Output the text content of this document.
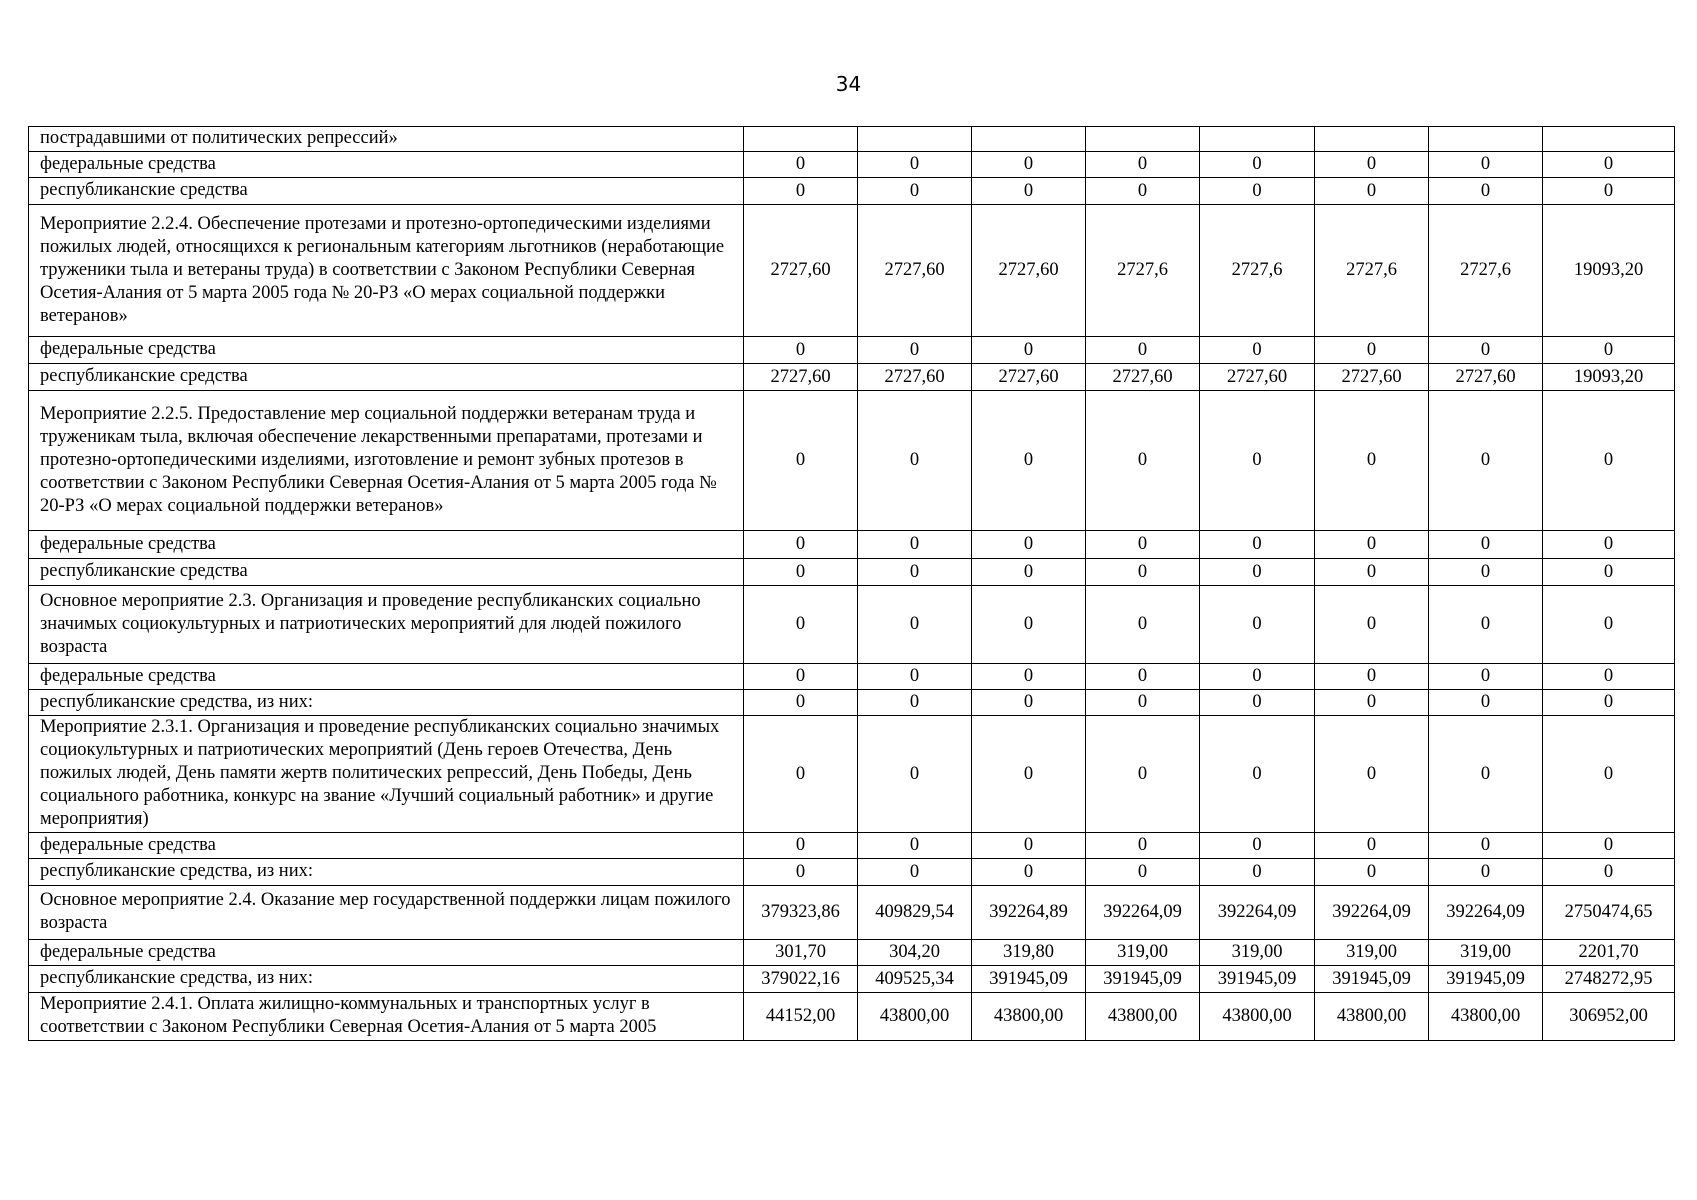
34
пострадавшими от политических репрессий»								
федеральные средства	0	0	0	0	0	0	0	0
республиканские средства	0	0	0	0	0	0	0	0
Мероприятие 2.2.4. Обеспечение протезами и протезно-ортопедическими изделиями пожилых людей, относящихся к региональным категориям льготников (неработающие труженики тыла и ветераны труда) в соответствии с Законом Республики Северная Осетия-Алания от 5 марта 2005 года № 20-РЗ «О мерах социальной поддержки ветеранов»	2727,60	2727,60	2727,60	2727,6	2727,6	2727,6	2727,6	19093,20
федеральные средства	0	0	0	0	0	0	0	0
республиканские средства	2727,60	2727,60	2727,60	2727,60	2727,60	2727,60	2727,60	19093,20
Мероприятие 2.2.5. Предоставление мер социальной поддержки ветеранам труда и труженикам тыла, включая обеспечение лекарственными препаратами, протезами и протезно-ортопедическими изделиями, изготовление и ремонт зубных протезов в соответствии с Законом Республики Северная Осетия-Алания от 5 марта 2005 года № 20-РЗ «О мерах социальной поддержки ветеранов»	0	0	0	0	0	0	0	0
федеральные средства	0	0	0	0	0	0	0	0
республиканские средства	0	0	0	0	0	0	0	0
Основное мероприятие 2.3. Организация и проведение республиканских социально значимых социокультурных и патриотических мероприятий для людей пожилого возраста	0	0	0	0	0	0	0	0
федеральные средства	0	0	0	0	0	0	0	0
республиканские средства, из них:	0	0	0	0	0	0	0	0
Мероприятие 2.3.1. Организация и проведение республиканских социально значимых социокультурных и патриотических мероприятий (День героев Отечества, День пожилых людей, День памяти жертв политических репрессий, День Победы, День социального работника, конкурс на звание «Лучший социальный работник» и другие мероприятия)	0	0	0	0	0	0	0	0
федеральные средства	0	0	0	0	0	0	0	0
республиканские средства, из них:	0	0	0	0	0	0	0	0
Основное мероприятие 2.4. Оказание мер государственной поддержки лицам пожилого возраста	379323,86	409829,54	392264,89	392264,09	392264,09	392264,09	392264,09	2750474,65
федеральные средства	301,70	304,20	319,80	319,00	319,00	319,00	319,00	2201,70
республиканские средства, из них:	379022,16	409525,34	391945,09	391945,09	391945,09	391945,09	391945,09	2748272,95
Мероприятие 2.4.1. Оплата жилищно-коммунальных и транспортных услуг в соответствии с Законом Республики Северная Осетия-Алания от 5 марта 2005	44152,00	43800,00	43800,00	43800,00	43800,00	43800,00	43800,00	306952,00
